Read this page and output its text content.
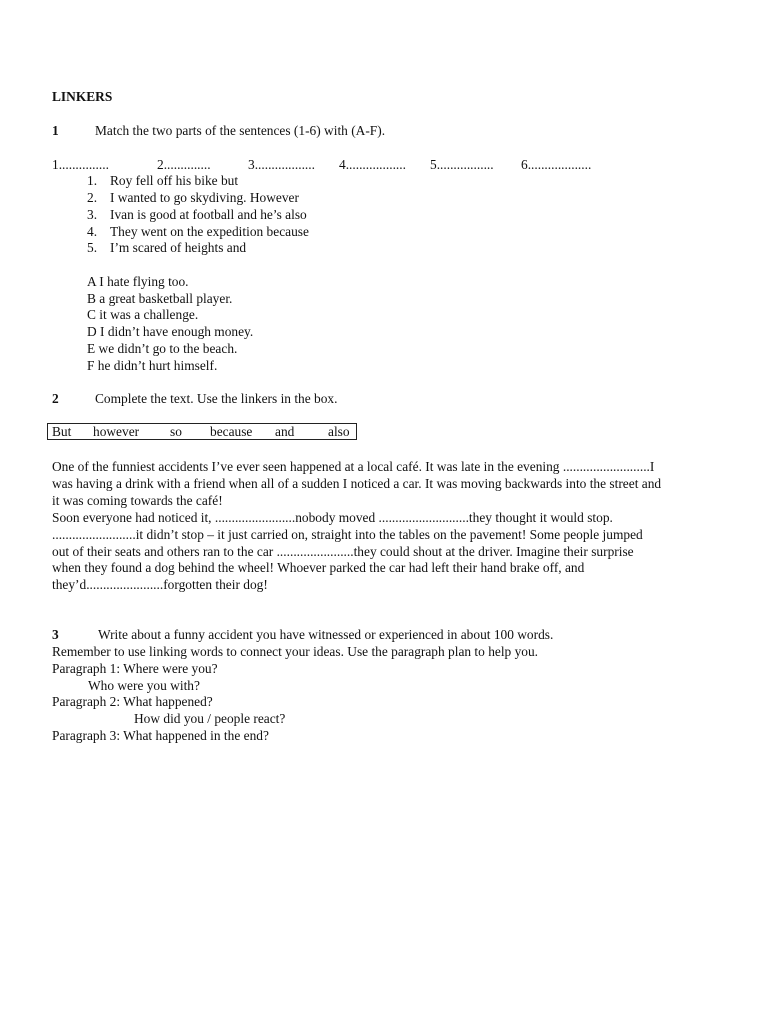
LINKERS
1	Match the two parts of the sentences (1-6) with (A-F).
1...............	2..............	3.................. 4.................. 5................. 6...................
1. Roy fell off his bike but
2. I wanted to go skydiving. However
3. Ivan is good at football and he’s also
4. They went on the expedition because
5. I’m scared of heights and
A I hate flying too.
B a great basketball player.
C it was a challenge.
D I didn’t have enough money.
E we didn’t go to the beach.
F he didn’t hurt himself.
2	Complete the text. Use the linkers in the box.
But however so because and	also
One of the funniest accidents I’ve ever seen happened at a local café. It was late in the evening ..........................I was having a drink with a friend when all of a sudden I noticed a car. It was moving backwards into the street and it was coming towards the café!
Soon everyone had noticed it, ........................nobody moved ...........................they thought it would stop. .........................it didn’t stop – it just carried on, straight into the tables on the pavement! Some people jumped out of their seats and others ran to the car .......................they could shout at the driver. Imagine their surprise when they found a dog behind the wheel! Whoever parked the car had left their hand brake off, and they’d.......................forgotten their dog!
3	Write about a funny accident you have witnessed or experienced in about 100 words.
Remember to use linking words to connect your ideas. Use the paragraph plan to help you.
Paragraph 1: Where were you?
Who were you with?
Paragraph 2: What happened?
How did you / people react?
Paragraph 3: What happened in the end?
